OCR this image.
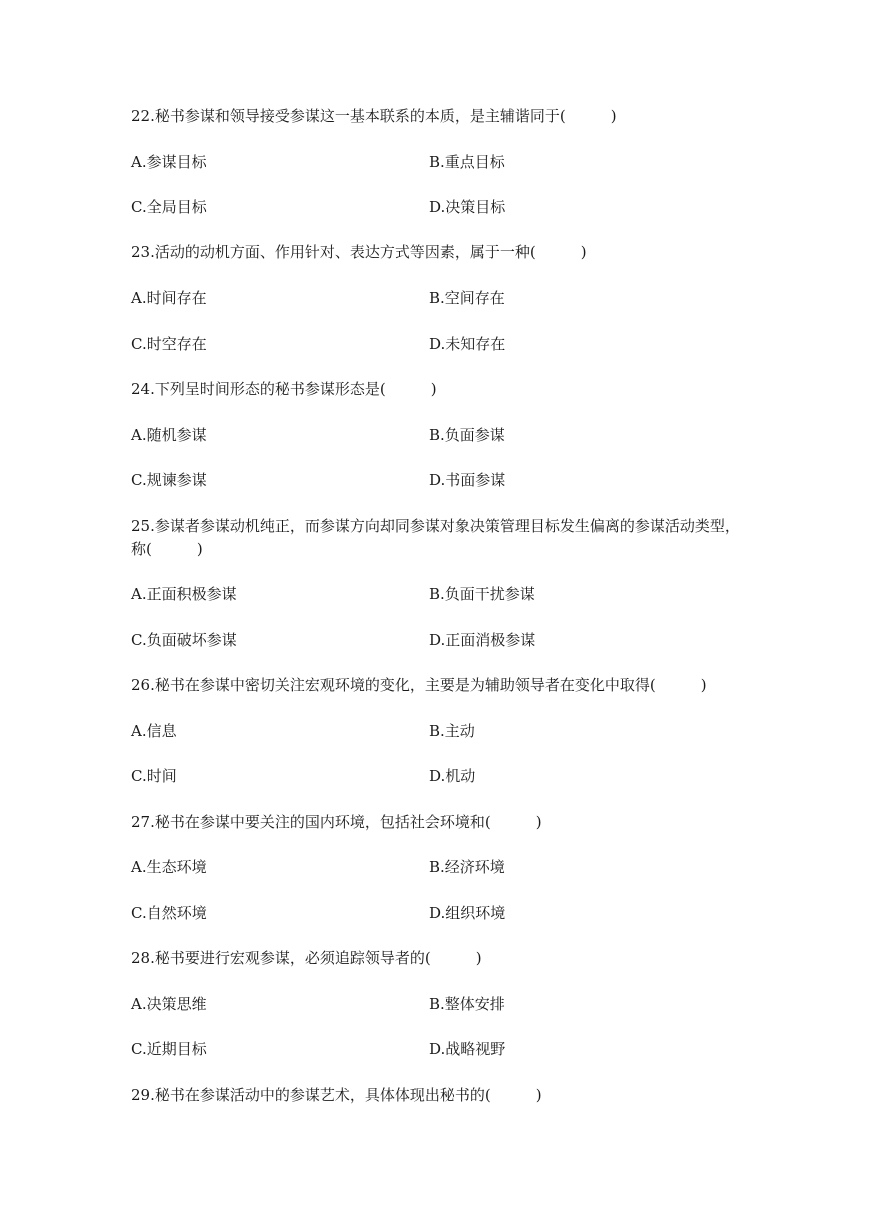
22.秘书参谋和领导接受参谋这一基本联系的本质，是主辅谐同于(　　　)
A.参谋目标	B.重点目标
C.全局目标	D.决策目标
23.活动的动机方面、作用针对、表达方式等因素，属于一种(　　　)
A.时间存在	B.空间存在
C.时空存在	D.未知存在
24.下列呈时间形态的秘书参谋形态是(　　　)
A.随机参谋	B.负面参谋
C.规谏参谋	D.书面参谋
25.参谋者参谋动机纯正，而参谋方向却同参谋对象决策管理目标发生偏离的参谋活动类型，
称(　　　)
A.正面积极参谋	B.负面干扰参谋
C.负面破坏参谋	D.正面消极参谋
26.秘书在参谋中密切关注宏观环境的变化，主要是为辅助领导者在变化中取得(　　　)
A.信息	B.主动
C.时间	D.机动
27.秘书在参谋中要关注的国内环境，包括社会环境和(　　　)
A.生态环境	B.经济环境
C.自然环境	D.组织环境
28.秘书要进行宏观参谋，必须追踪领导者的(　　　)
A.决策思维	B.整体安排
C.近期目标	D.战略视野
29.秘书在参谋活动中的参谋艺术，具体体现出秘书的(　　　)
